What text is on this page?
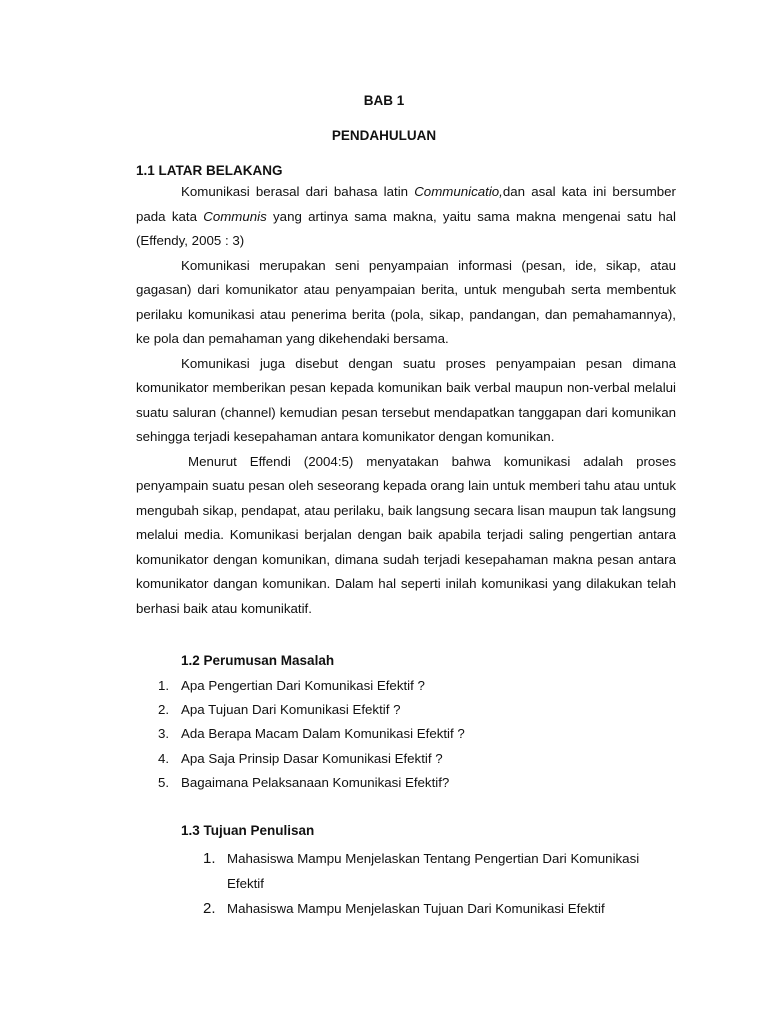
BAB 1
PENDAHULUAN
1.1 LATAR BELAKANG

Komunikasi berasal dari bahasa latin Communicatio,dan asal kata ini bersumber pada kata Communis yang artinya sama makna, yaitu sama makna mengenai satu hal (Effendy, 2005 : 3)

Komunikasi merupakan seni penyampaian informasi (pesan, ide, sikap, atau gagasan) dari komunikator atau penyampaian berita, untuk mengubah serta membentuk perilaku komunikasi atau penerima berita (pola, sikap, pandangan, dan pemahamannya), ke pola dan pemahaman yang dikehendaki bersama.

Komunikasi juga disebut dengan suatu proses penyampaian pesan dimana komunikator memberikan pesan kepada komunikan baik verbal maupun non-verbal melalui suatu saluran (channel) kemudian pesan tersebut mendapatkan tanggapan dari komunikan sehingga terjadi kesepahaman antara komunikator dengan komunikan.

Menurut Effendi (2004:5) menyatakan bahwa komunikasi adalah proses penyampain suatu pesan oleh seseorang kepada orang lain untuk memberi tahu atau untuk mengubah sikap, pendapat, atau perilaku, baik langsung secara lisan maupun tak langsung melalui media. Komunikasi berjalan dengan baik apabila terjadi saling pengertian antara komunikator dengan komunikan, dimana sudah terjadi kesepahaman makna pesan antara komunikator dangan komunikan. Dalam hal seperti inilah komunikasi yang dilakukan telah berhasi baik atau komunikatif.

1.2 Perumusan Masalah
1. Apa Pengertian Dari Komunikasi Efektif ?
2. Apa Tujuan Dari Komunikasi Efektif ?
3. Ada Berapa Macam Dalam Komunikasi Efektif ?
4. Apa Saja Prinsip Dasar Komunikasi Efektif ?
5. Bagaimana Pelaksanaan Komunikasi Efektif?
1.3 Tujuan Penulisan
1. Mahasiswa Mampu Menjelaskan Tentang Pengertian Dari Komunikasi Efektif
2. Mahasiswa Mampu Menjelaskan Tujuan Dari Komunikasi Efektif
